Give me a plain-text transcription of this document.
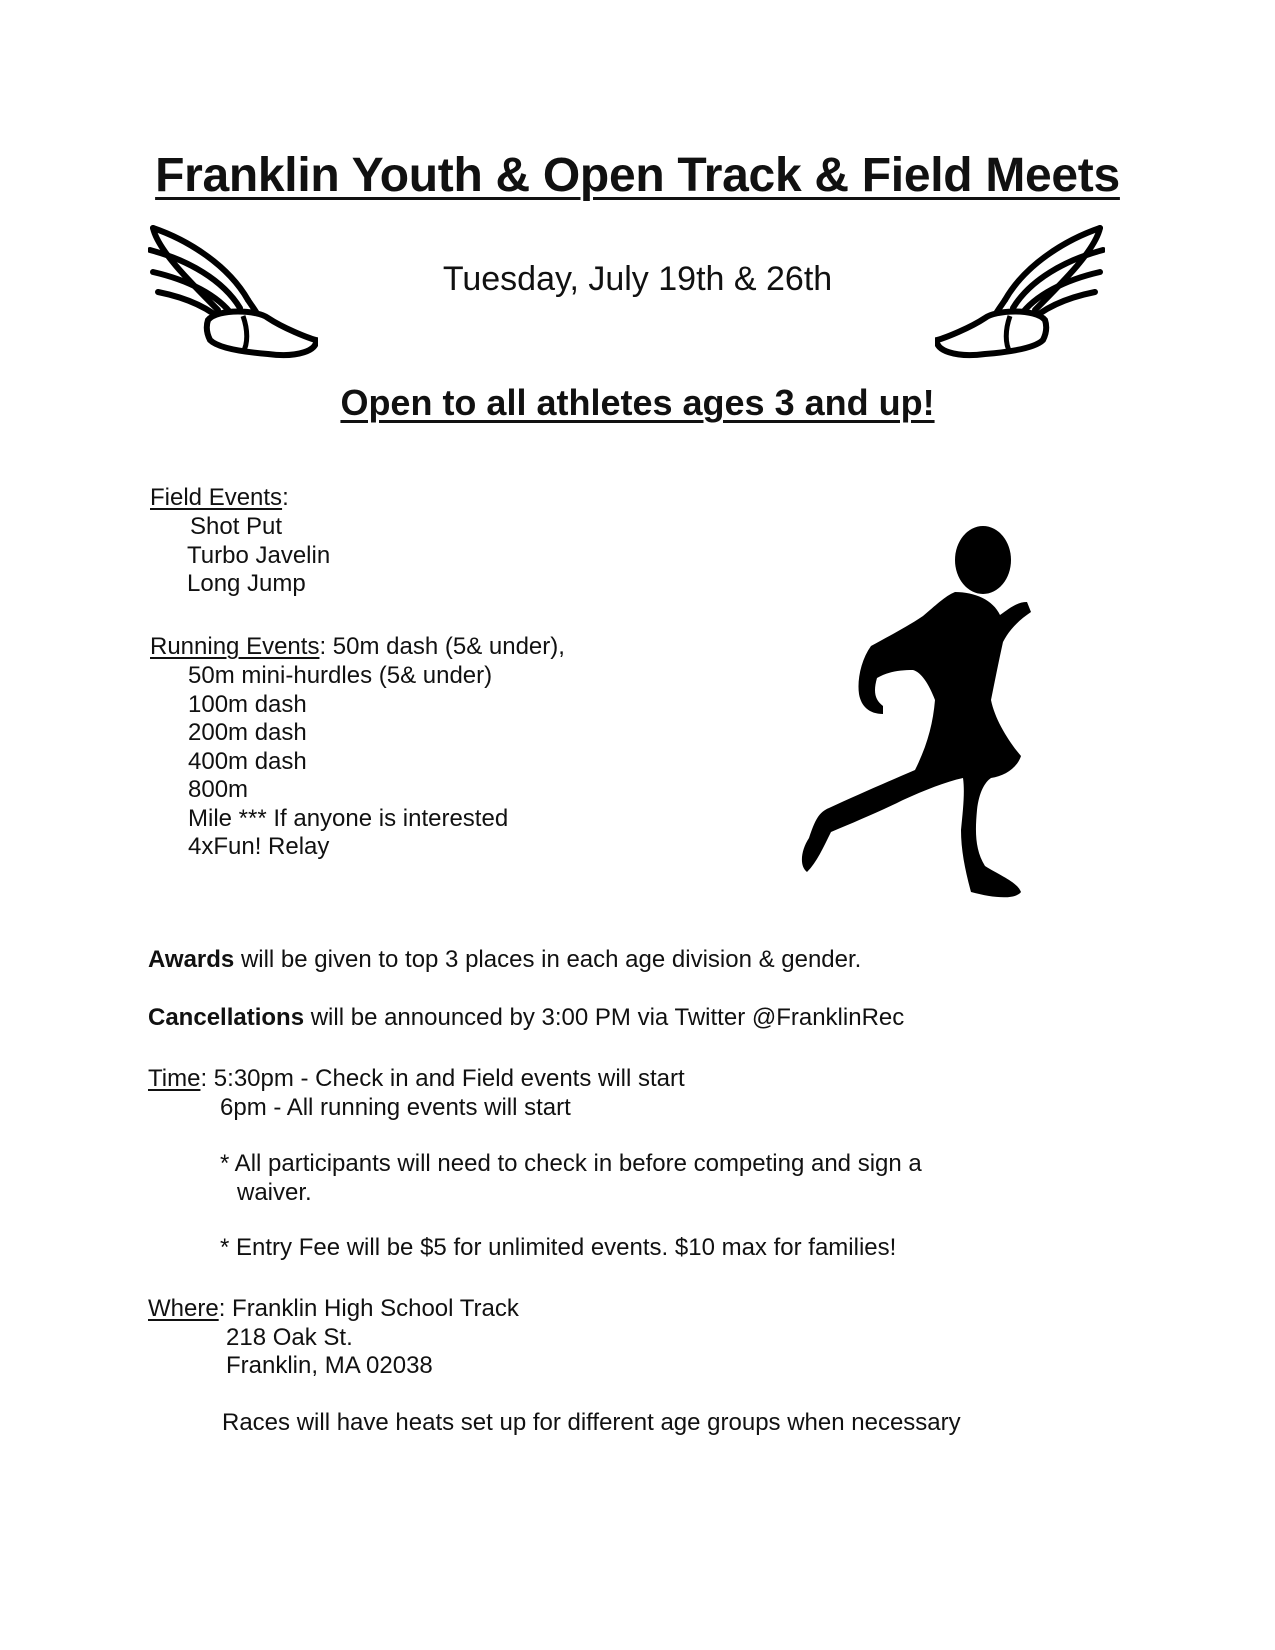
Franklin Youth & Open Track & Field Meets
Tuesday, July 19th & 26th
Open to all athletes ages 3 and up!
Field Events:
Shot Put
Turbo Javelin
Long Jump
Running Events: 50m dash (5& under),
50m mini-hurdles (5& under)
100m dash
200m dash
400m dash
800m
Mile *** If anyone is interested
4xFun! Relay
Awards will be given to top 3 places in each age division & gender.
Cancellations will be announced by 3:00 PM via Twitter @FranklinRec
Time: 5:30pm - Check in and Field events will start
6pm - All running events will start
* All participants will need to check in before competing and sign a
waiver.
* Entry Fee will be $5 for unlimited events. $10 max for families!
Where: Franklin High School Track
218 Oak St.
Franklin, MA 02038
Races will have heats set up for different age groups when necessary
